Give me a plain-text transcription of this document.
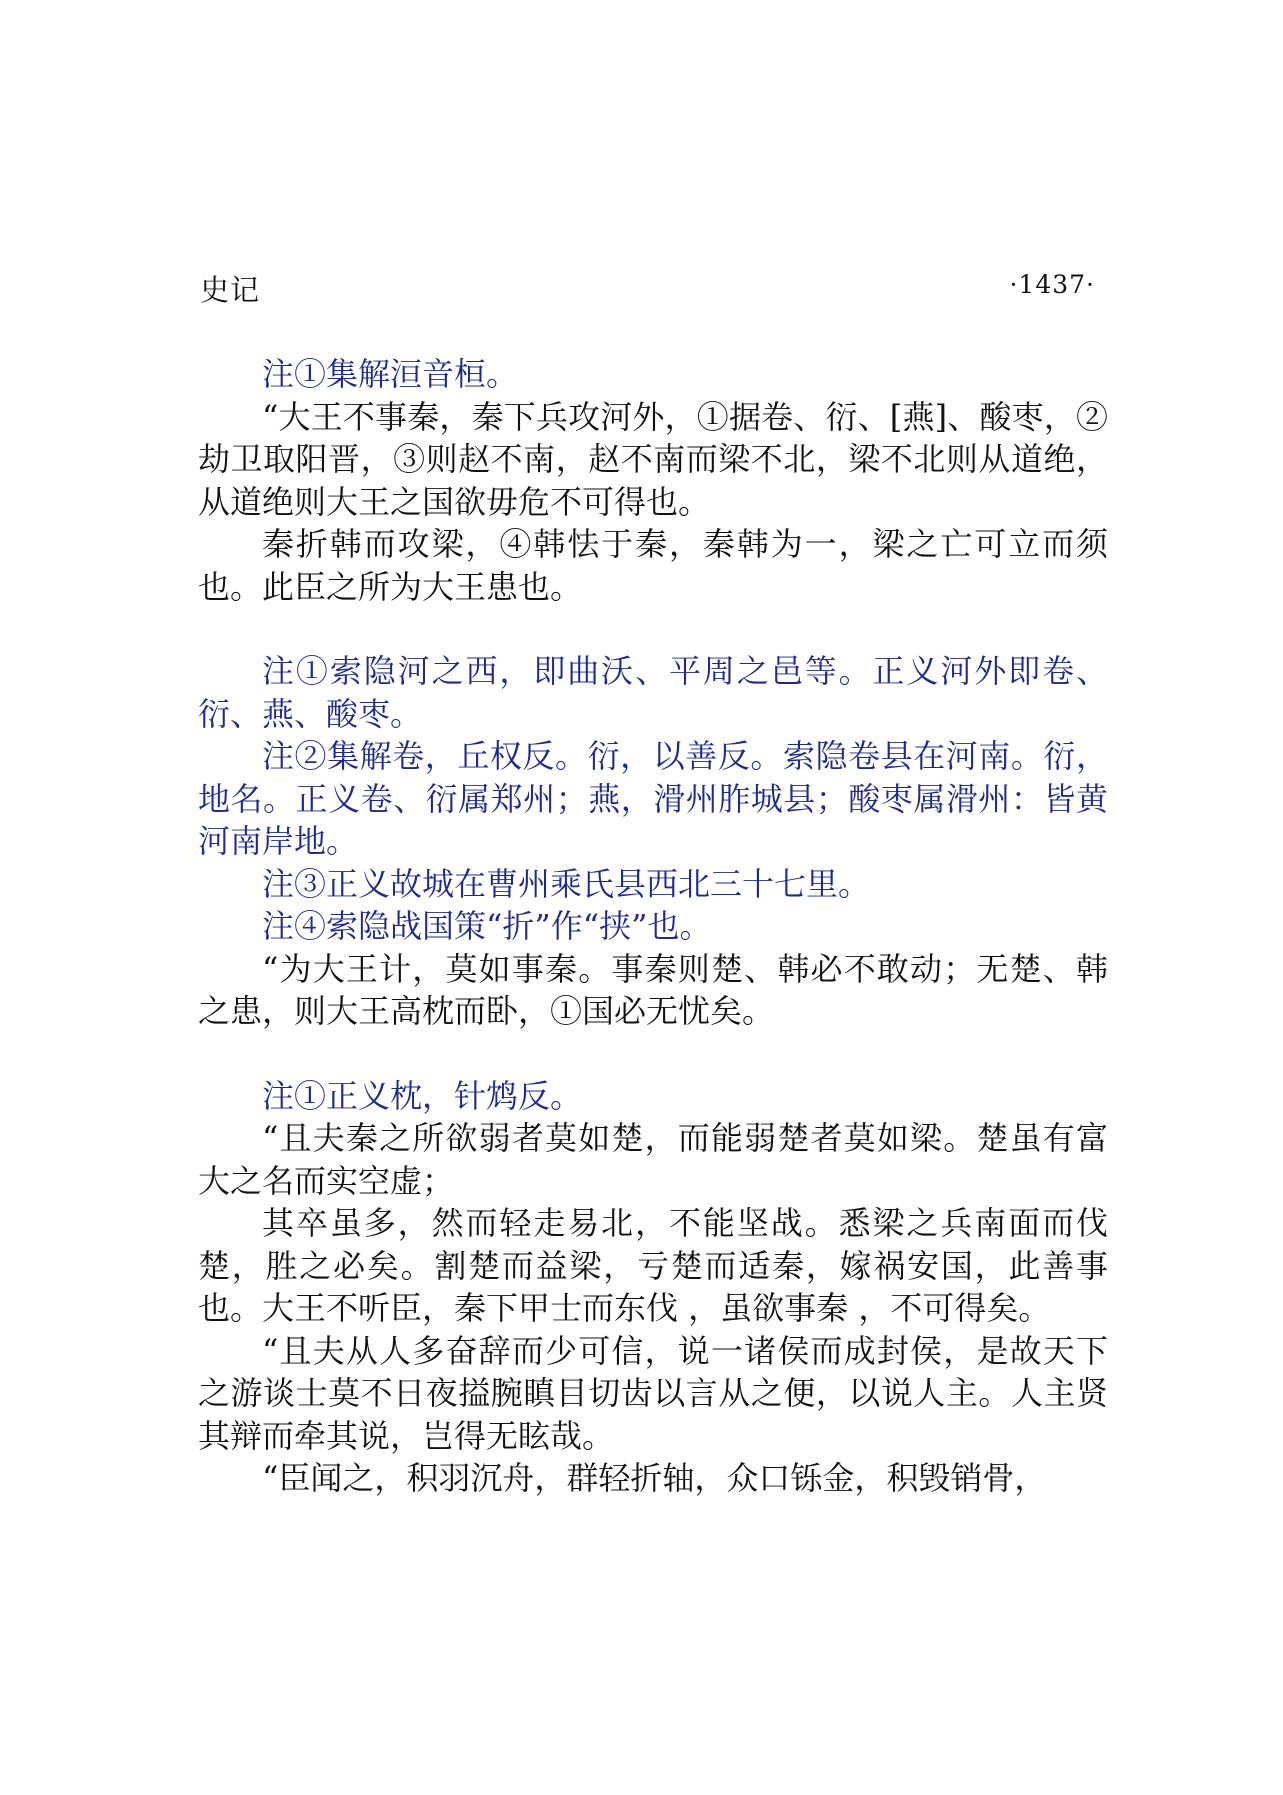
史记	·1437·

注①集解洹音桓。

“大王不事秦，秦下兵攻河外，①据卷、衍、[燕]、酸枣，②劫卫取阳晋，③则赵不南，赵不南而梁不北，梁不北则从道绝，从道绝则大王之国欲毋危不可得也。

秦折韩而攻梁，④韩怯于秦，秦韩为一，梁之亡可立而须也。此臣之所为大王患也。

注①索隐河之西，即曲沃、平周之邑等。正义河外即卷、衍、燕、酸枣。

注②集解卷，丘权反。衍，以善反。索隐卷县在河南。衍，地名。正义卷、衍属郑州；燕，滑州胙城县；酸枣属滑州：皆黄河南岸地。

注③正义故城在曹州乘氏县西北三十七里。

注④索隐战国策“折”作“挟”也。

“为大王计，莫如事秦。事秦则楚、韩必不敢动；无楚、韩之患，则大王高枕而卧，①国必无忧矣。

注①正义枕，针鸩反。

“且夫秦之所欲弱者莫如楚，而能弱楚者莫如梁。楚虽有富大之名而实空虚；

其卒虽多，然而轻走易北，不能坚战。悉梁之兵南面而伐楚，胜之必矣。割楚而益梁，亏楚而适秦，嫁祸安国，此善事也。大王不听臣，秦下甲士而东伐 ，虽欲事秦 ，不可得矣。

“且夫从人多奋辞而少可信，说一诸侯而成封侯，是故天下之游谈士莫不日夜搤腕瞋目切齿以言从之便，以说人主。人主贤其辩而牵其说，岂得无眩哉。

“臣闻之，积羽沉舟，群轻折轴，众口铄金，积毁销骨，
